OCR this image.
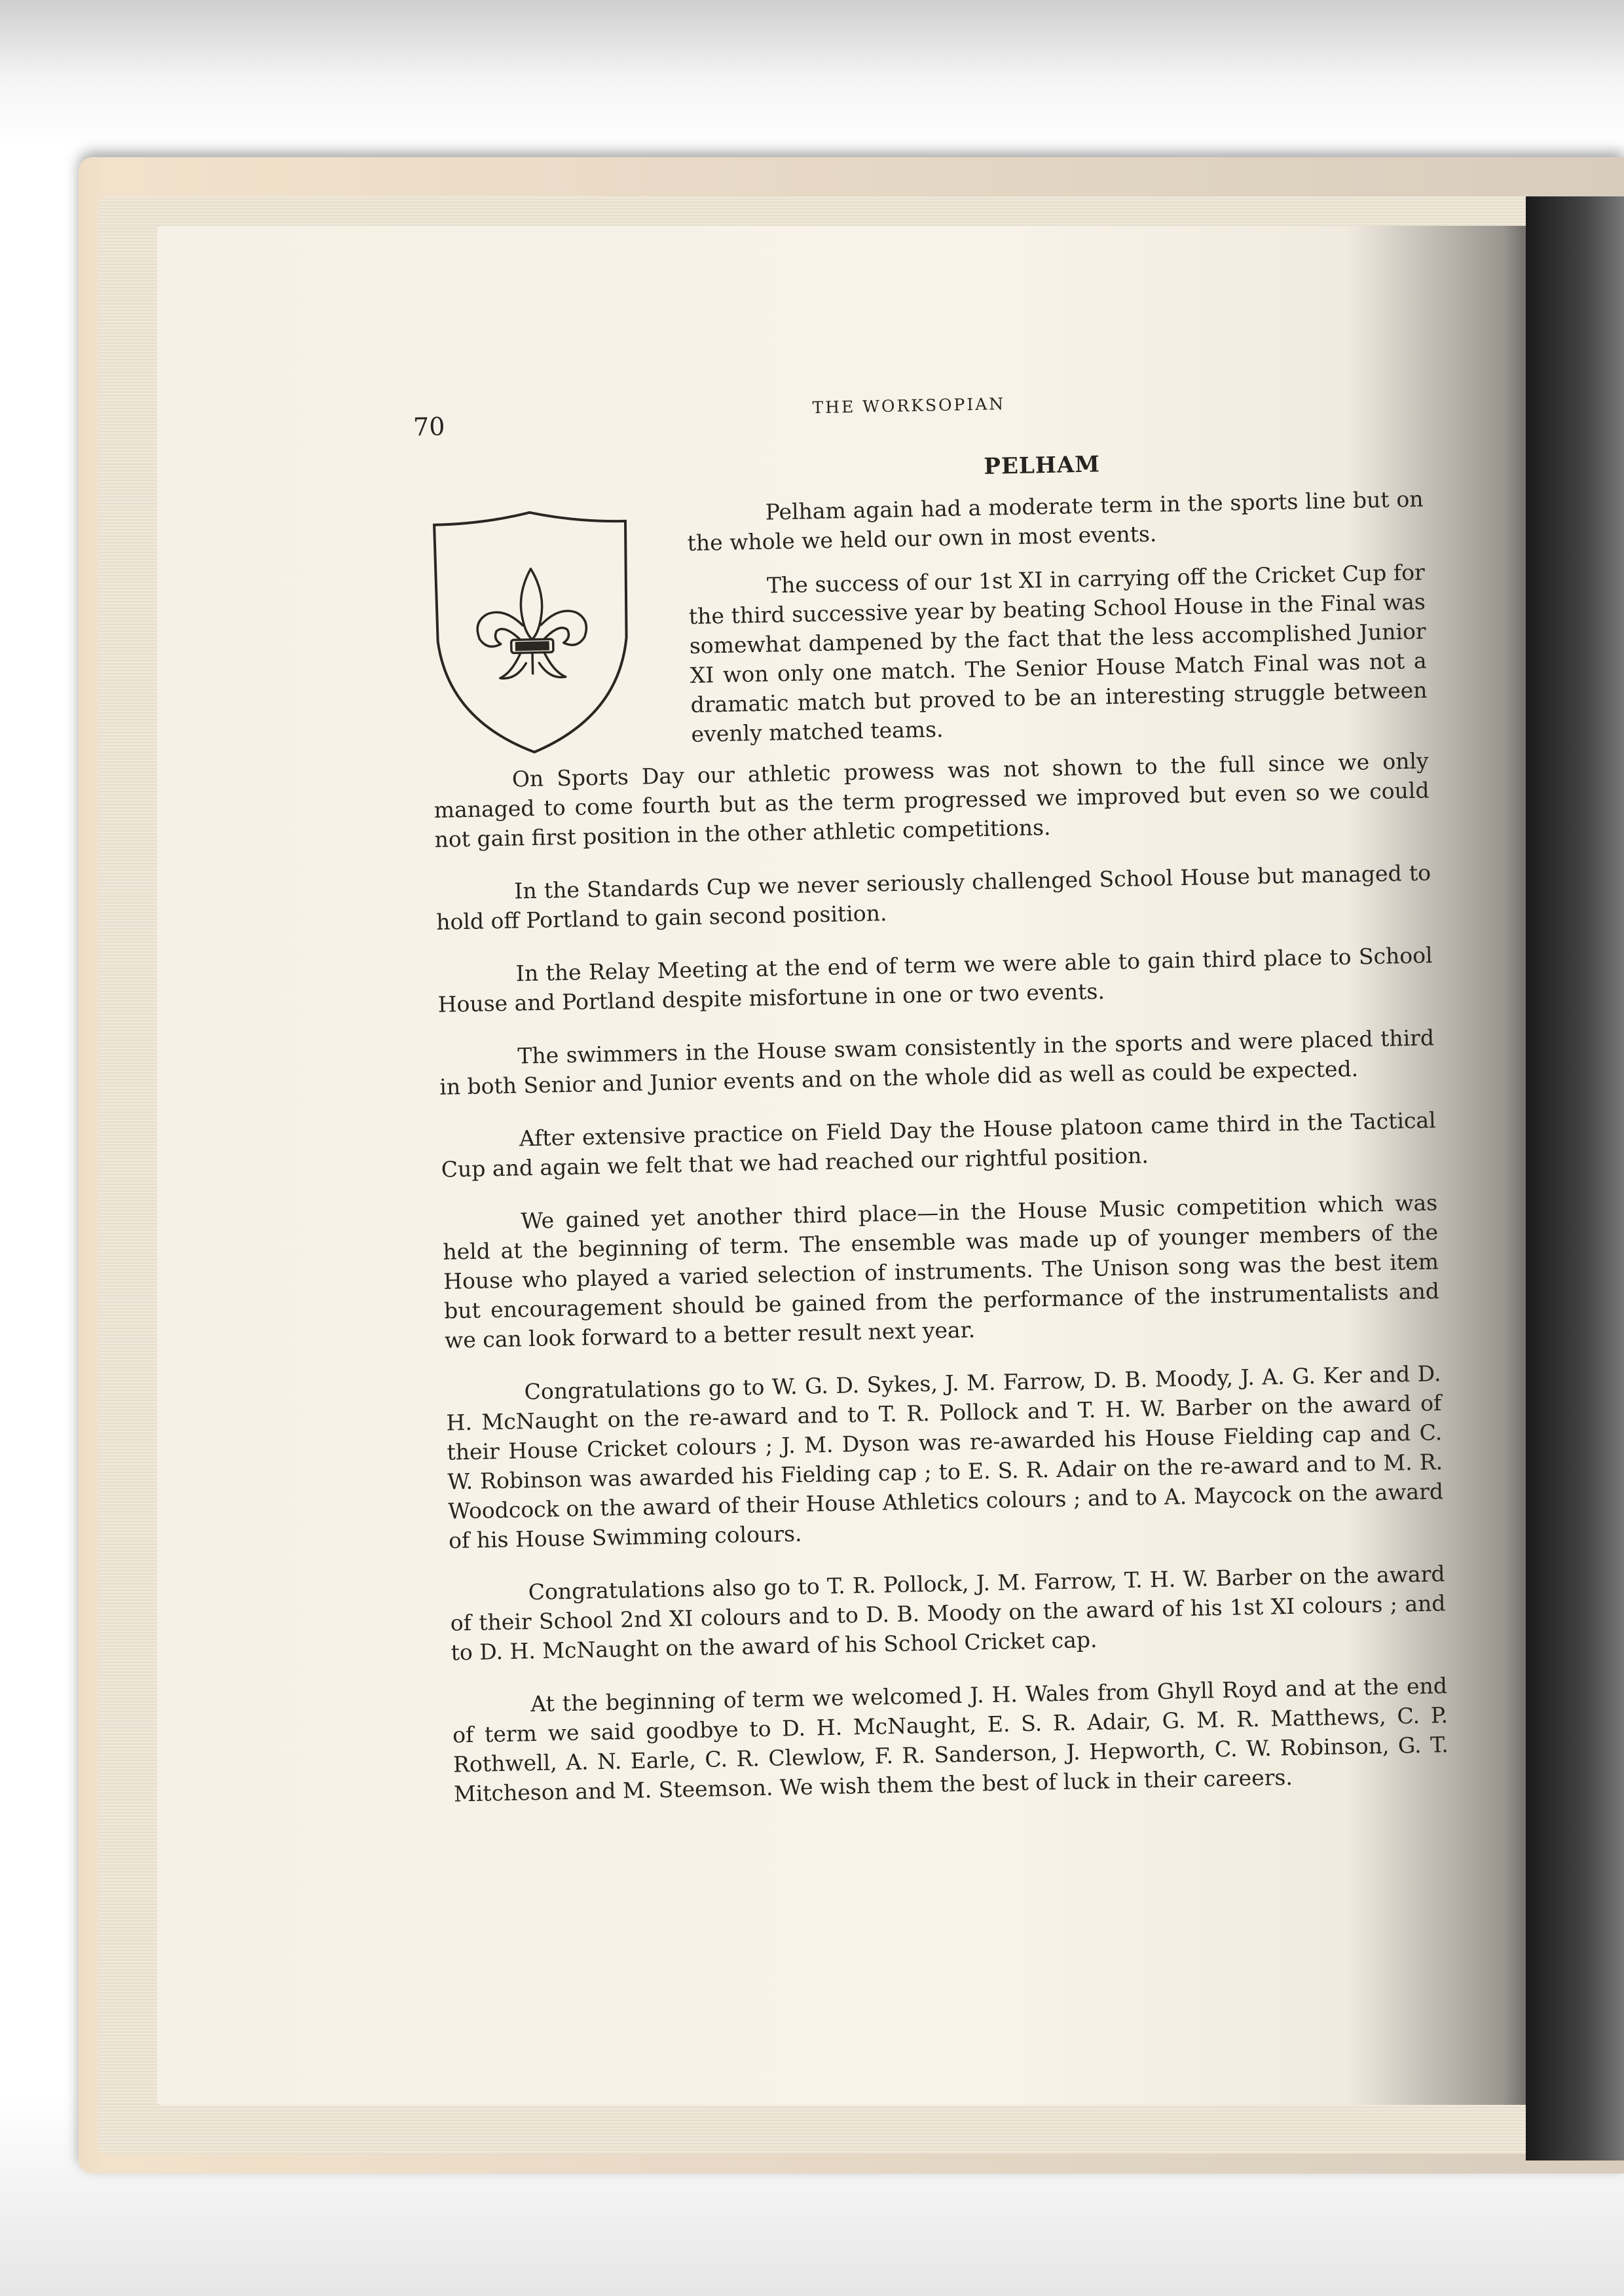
70
THE WORKSOPIAN
PELHAM

Pelham again had a moderate term in the sports line but on the whole we held our own in most events.

The success of our 1st XI in carrying off the Cricket Cup for the third successive year by beating School House in the Final was somewhat dampened by the fact that the less accomplished Junior XI won only one match. The Senior House Match Final was not a dramatic match but proved to be an interesting struggle between evenly matched teams.

On Sports Day our athletic prowess was not shown to the full since we only managed to come fourth but as the term progressed we improved but even so we could not gain first position in the other athletic competitions.

In the Standards Cup we never seriously challenged School House but managed to hold off Portland to gain second position.

In the Relay Meeting at the end of term we were able to gain third place to School House and Portland despite misfortune in one or two events.

The swimmers in the House swam consistently in the sports and were placed third in both Senior and Junior events and on the whole did as well as could be expected.

After extensive practice on Field Day the House platoon came third in the Tactical Cup and again we felt that we had reached our rightful position.

We gained yet another third place—in the House Music competition which was held at the beginning of term. The ensemble was made up of younger members of the House who played a varied selection of instruments. The Unison song was the best item but encouragement should be gained from the performance of the instrumentalists and we can look forward to a better result next year.

Congratulations go to W. G. D. Sykes, J. M. Farrow, D. B. Moody, J. A. G. Ker and D. H. McNaught on the re-award and to T. R. Pollock and T. H. W. Barber on the award of their House Cricket colours ; J. M. Dyson was re-awarded his House Fielding cap and C. W. Robinson was awarded his Fielding cap ; to E. S. R. Adair on the re-award and to M. R. Woodcock on the award of their House Athletics colours ; and to A. Maycock on the award of his House Swimming colours.

Congratulations also go to T. R. Pollock, J. M. Farrow, T. H. W. Barber on the award of their School 2nd XI colours and to D. B. Moody on the award of his 1st XI colours ; and to D. H. McNaught on the award of his School Cricket cap.

At the beginning of term we welcomed J. H. Wales from Ghyll Royd and at the end of term we said goodbye to D. H. McNaught, E. S. R. Adair, G. M. R. Matthews, C. P. Rothwell, A. N. Earle, C. R. Clewlow, F. R. Sanderson, J. Hepworth, C. W. Robinson, G. T. Mitcheson and M. Steemson. We wish them the best of luck in their careers.
